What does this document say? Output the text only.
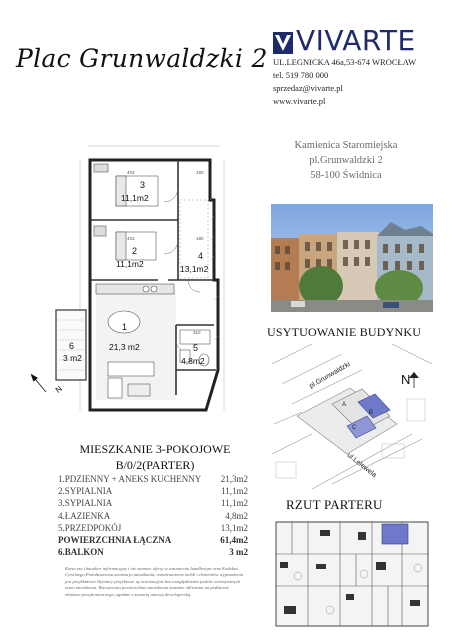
Plac Grunwaldzki 2
VIVARTE
UL.LEGNICKA 46a,53-674 WROCŁAW
tel. 519 780 000
sprzedaz@vivarte.pl
www.vivarte.pl
Kamienica Staromiejska
pl.Grunwaldzki 2
58-100 Świdnica
USYTUOWANIE BUDYNKU
pl.Grunwaldzki
ul.Lelewela
N
A
B
C
RZUT PARTERU
3
11,1m2
2
11,1m2
4
13,1m2
1
21,3 m2	5
4,8m2
6
3 m2
N
403	180
403	180
310
MIESZKANIE 3-POKOJOWE
B/0/2(PARTER)
1.PDZIENNY + ANEKS KUCHENNY 21,3m2
2.SYPIALNIA	11,1m2
3.SYPIALNIA	11,1m2
4.ŁAZIENKA	4,8m2
5.PRZEDPOKÓJ	13,1m2
POWIERZCHNIA ŁĄCZNA	61,4m2
6.BALKON	3 m2
Karta ma charakter informacyjny i nie stanowi oferty w rozumieniu handlowym oraz Kodeksu Cywilnego.Przedstawiona aranżacja mieszkania, rozmieszczenie mebli i elementów wyposażenia jest przykładowe.Wymiary projektowe są orientacyjne bez uwzględnienia tynków wewnętrznych ścian mieszkania. Rzeczywista powierzchnia mieszkania zostanie obliczona na podstawie obmiaru powykonawczego, zgodnie z zawartą umową deweloperską.
